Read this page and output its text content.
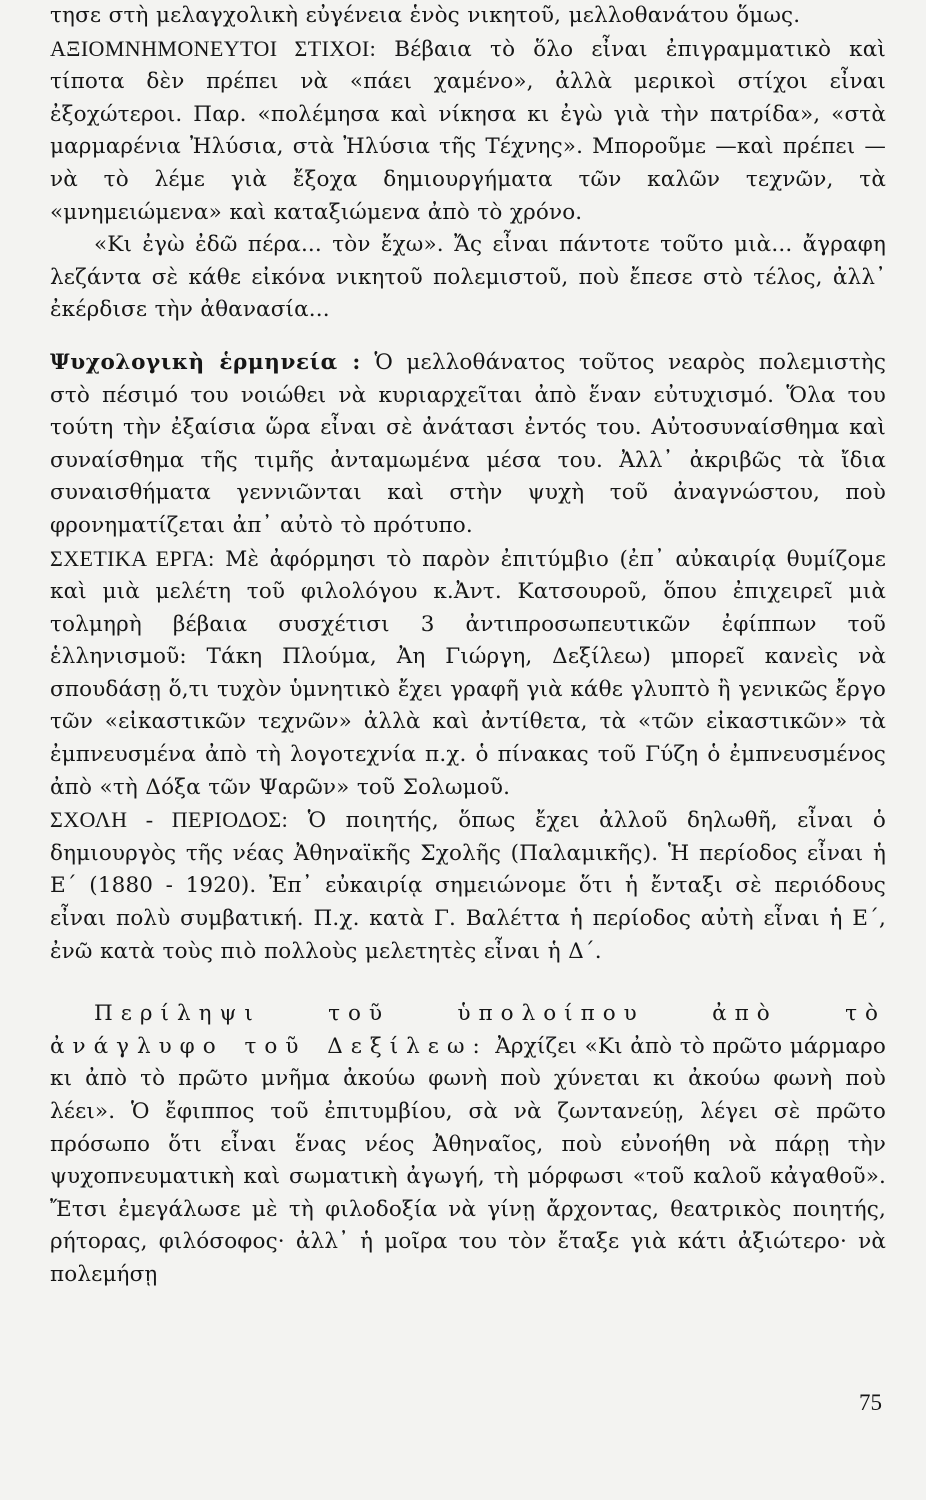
τησε στὴ μελαγχολικὴ εὐγένεια ἑνὸς νικητοῦ, μελλοθανάτου ὅμως.

ΑΞΙΟΜΝΗΜΟΝΕΥΤΟΙ ΣΤΙΧΟΙ: Βέβαια τὸ ὅλο εἶναι ἐπιγραμματικὸ καὶ τίποτα δὲν πρέπει νὰ «πάει χαμένο», ἀλλὰ μερικοὶ στίχοι εἶναι ἐξοχώτεροι. Παρ. «πολέμησα καὶ νίκησα κι ἐγὼ γιὰ τὴν πατρίδα», «στὰ μαρμαρένια Ἠλύσια, στὰ Ἠλύσια τῆς Τέχνης». Μποροῦμε —καὶ πρέπει — νὰ τὸ λέμε γιὰ ἔξοχα δημιουργήματα τῶν καλῶν τεχνῶν, τὰ «μνημειώμενα» καὶ καταξιώμενα ἀπὸ τὸ χρόνο.

«Κι ἐγὼ ἐδῶ πέρα... τὸν ἔχω». Ἄς εἶναι πάντοτε τοῦτο μιὰ... ἄγραφη λεζάντα σὲ κάθε εἰκόνα νικητοῦ πολεμιστοῦ, ποὺ ἔπεσε στὸ τέλος, ἀλλ᾿ ἐκέρδισε τὴν ἀθανασία...

Ψυχολογικὴ ἑρμηνεία : Ὁ μελλοθάνατος τοῦτος νεαρὸς πολεμιστὴς στὸ πέσιμό του νοιώθει νὰ κυριαρχεῖται ἀπὸ ἕναν εὐτυχισμό. Ὅλα του τούτη τὴν ἐξαίσια ὥρα εἶναι σὲ ἀνάτασι ἐντός του. Αὐτοσυναίσθημα καὶ συναίσθημα τῆς τιμῆς ἀνταμωμένα μέσα του. Ἀλλ᾿ ἀκριβῶς τὰ ἴδια συναισθήματα γεννιῶνται καὶ στὴν ψυχὴ τοῦ ἀναγνώστου, ποὺ φρονηματίζεται ἀπ᾿ αὐτὸ τὸ πρότυπο.

ΣΧΕΤΙΚΑ ΕΡΓΑ: Μὲ ἀφόρμησι τὸ παρὸν ἐπιτύμβιο (ἐπ᾿ αὐκαιρίᾳ θυμίζομε καὶ μιὰ μελέτη τοῦ φιλολόγου κ.Ἀντ. Κατσουροῦ, ὅπου ἐπιχειρεῖ μιὰ τολμηρὴ βέβαια συσχέτισι 3 ἀντιπροσωπευτικῶν ἐφίππων τοῦ ἑλληνισμοῦ: Τάκη Πλούμα, Ἀη Γιώργη, Δεξίλεω) μπορεῖ κανεὶς νὰ σπουδάσῃ ὅ,τι τυχὸν ὑμνητικὸ ἔχει γραφῆ γιὰ κάθε γλυπτὸ ἢ γενικῶς ἔργο τῶν «εἰκαστικῶν τεχνῶν» ἀλλὰ καὶ ἀντίθετα, τὰ «τῶν εἰκαστικῶν» τὰ ἐμπνευσμένα ἀπὸ τὴ λογοτεχνία π.χ. ὁ πίνακας τοῦ Γύζη ὁ ἐμπνευσμένος ἀπὸ «τὴ Δόξα τῶν Ψαρῶν» τοῦ Σολωμοῦ.

ΣΧΟΛΗ - ΠΕΡΙΟΔΟΣ: Ὁ ποιητής, ὅπως ἔχει ἀλλοῦ δηλωθῆ, εἶναι ὁ δημιουργὸς τῆς νέας Ἀθηναϊκῆς Σχολῆς (Παλαμικῆς). Ἡ περίοδος εἶναι ἡ Ε΄ (1880 - 1920). Ἐπ᾿ εὐκαιρίᾳ σημειώνομε ὅτι ἡ ἔνταξι σὲ περιόδους εἶναι πολὺ συμβατική. Π.χ. κατὰ Γ. Βαλέττα ἡ περίοδος αὐτὴ εἶναι ἡ Ε΄, ἐνῶ κατὰ τοὺς πιὸ πολλοὺς μελετητὲς εἶναι ἡ Δ΄.

Περίληψι τοῦ ὑπολοίπου ἀπὸ τὸ ἀνάγλυφο τοῦ Δεξίλεω: Ἀρχίζει «Κι ἀπὸ τὸ πρῶτο μάρμαρο κι ἀπὸ τὸ πρῶτο μνῆμα ἀκούω φωνὴ ποὺ χύνεται κι ἀκούω φωνὴ ποὺ λέει». Ὁ ἔφιππος τοῦ ἐπιτυμβίου, σὰ νὰ ζωντανεύῃ, λέγει σὲ πρῶτο πρόσωπο ὅτι εἶναι ἕνας νέος Ἀθηναῖος, ποὺ εὐνοήθη νὰ πάρῃ τὴν ψυχοπνευματικὴ καὶ σωματικὴ ἀγωγή, τὴ μόρφωσι «τοῦ καλοῦ κἀγαθοῦ». Ἔτσι ἐμεγάλωσε μὲ τὴ φιλοδοξία νὰ γίνῃ ἄρχοντας, θεατρικὸς ποιητής, ρήτορας, φιλόσοφος· ἀλλ᾿ ἡ μοῖρα του τὸν ἔταξε γιὰ κάτι ἀξιώτερο· νὰ πολεμήσῃ

75
